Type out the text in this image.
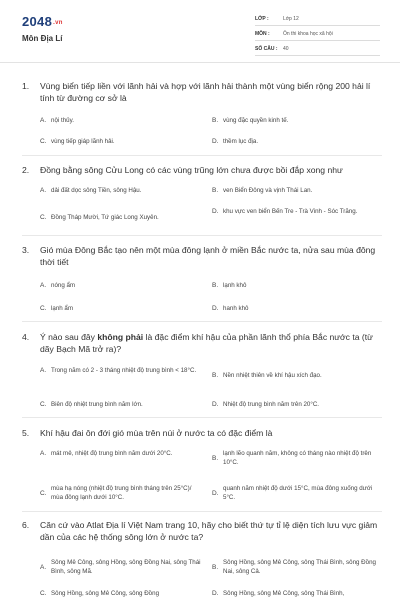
2048.vn
Môn Địa Lí
LỚP :	Lớp 12
MÔN :	Ôn thi khoa học xã hội
SỐ CÂU :	40
1. Vùng biển tiếp liền với lãnh hải và hợp với lãnh hải thành một vùng biển rộng 200 hải lí tính từ đường cơ sở là
A. nội thủy.	B. vùng đặc quyền kinh tế.
C. vùng tiếp giáp lãnh hải.	D. thềm lục địa.
2. Đồng bằng sông Cửu Long có các vùng trũng lớn chưa được bồi đắp xong như
A. dải đất dọc sông Tiền, sông Hậu.	B. ven Biển Đông và vịnh Thái Lan.
C. Đồng Tháp Mười, Tứ giác Long Xuyên.
D. khu vực ven biển Bến Tre - Trà Vinh - Sóc Trăng.
3. Gió mùa Đông Bắc tạo nên một mùa đông lạnh ở miền Bắc nước ta, nửa sau mùa đông thời tiết
A. nóng ẩm	B. lạnh khô
C. lạnh ẩm	D. hanh khô
4. Ý nào sau đây không phải là đặc điểm khí hậu của phần lãnh thổ phía Bắc nước ta (từ dãy Bạch Mã trở ra)?
A. Trong năm có 2 - 3 tháng nhiệt độ trung bình < 18°C.
B. Nền nhiệt thiên về khí hậu xích đạo.
C. Biên độ nhiệt trung bình năm lớn.	D. Nhiệt độ trung bình năm trên 20°C.
5. Khí hậu đai ôn đới gió mùa trên núi ở nước ta có đặc điểm là
A. mát mẻ, nhiệt độ trung bình năm dưới 20°C.
B.
lạnh lẽo quanh năm, không có tháng nào nhiệt độ trên 10°C.
C.
mùa hạ nóng (nhiệt độ trung bình tháng trên 25°C)/ mùa đông lạnh dưới 10°C.
D.
quanh năm nhiệt độ dưới 15°C, mùa đông xuống dưới 5°C.
6. Căn cứ vào Atlat Địa lí Việt Nam trang 10, hãy cho biết thứ tự tỉ lệ diện tích lưu vực giảm dần của các hệ thống sông lớn ở nước ta?
A.
Sông Mê Công, sông Hồng, sông Đồng Nai, sông Thái Bình, sông Mã.
B.
Sông Hồng, sông Mê Công, sông Thái Bình, sông Đồng Nai, sông Cả.
C. Sông Hồng, sông Mê Công, sông Đồng	D. Sông Hồng, sông Mê Công, sông Thái Bình,
